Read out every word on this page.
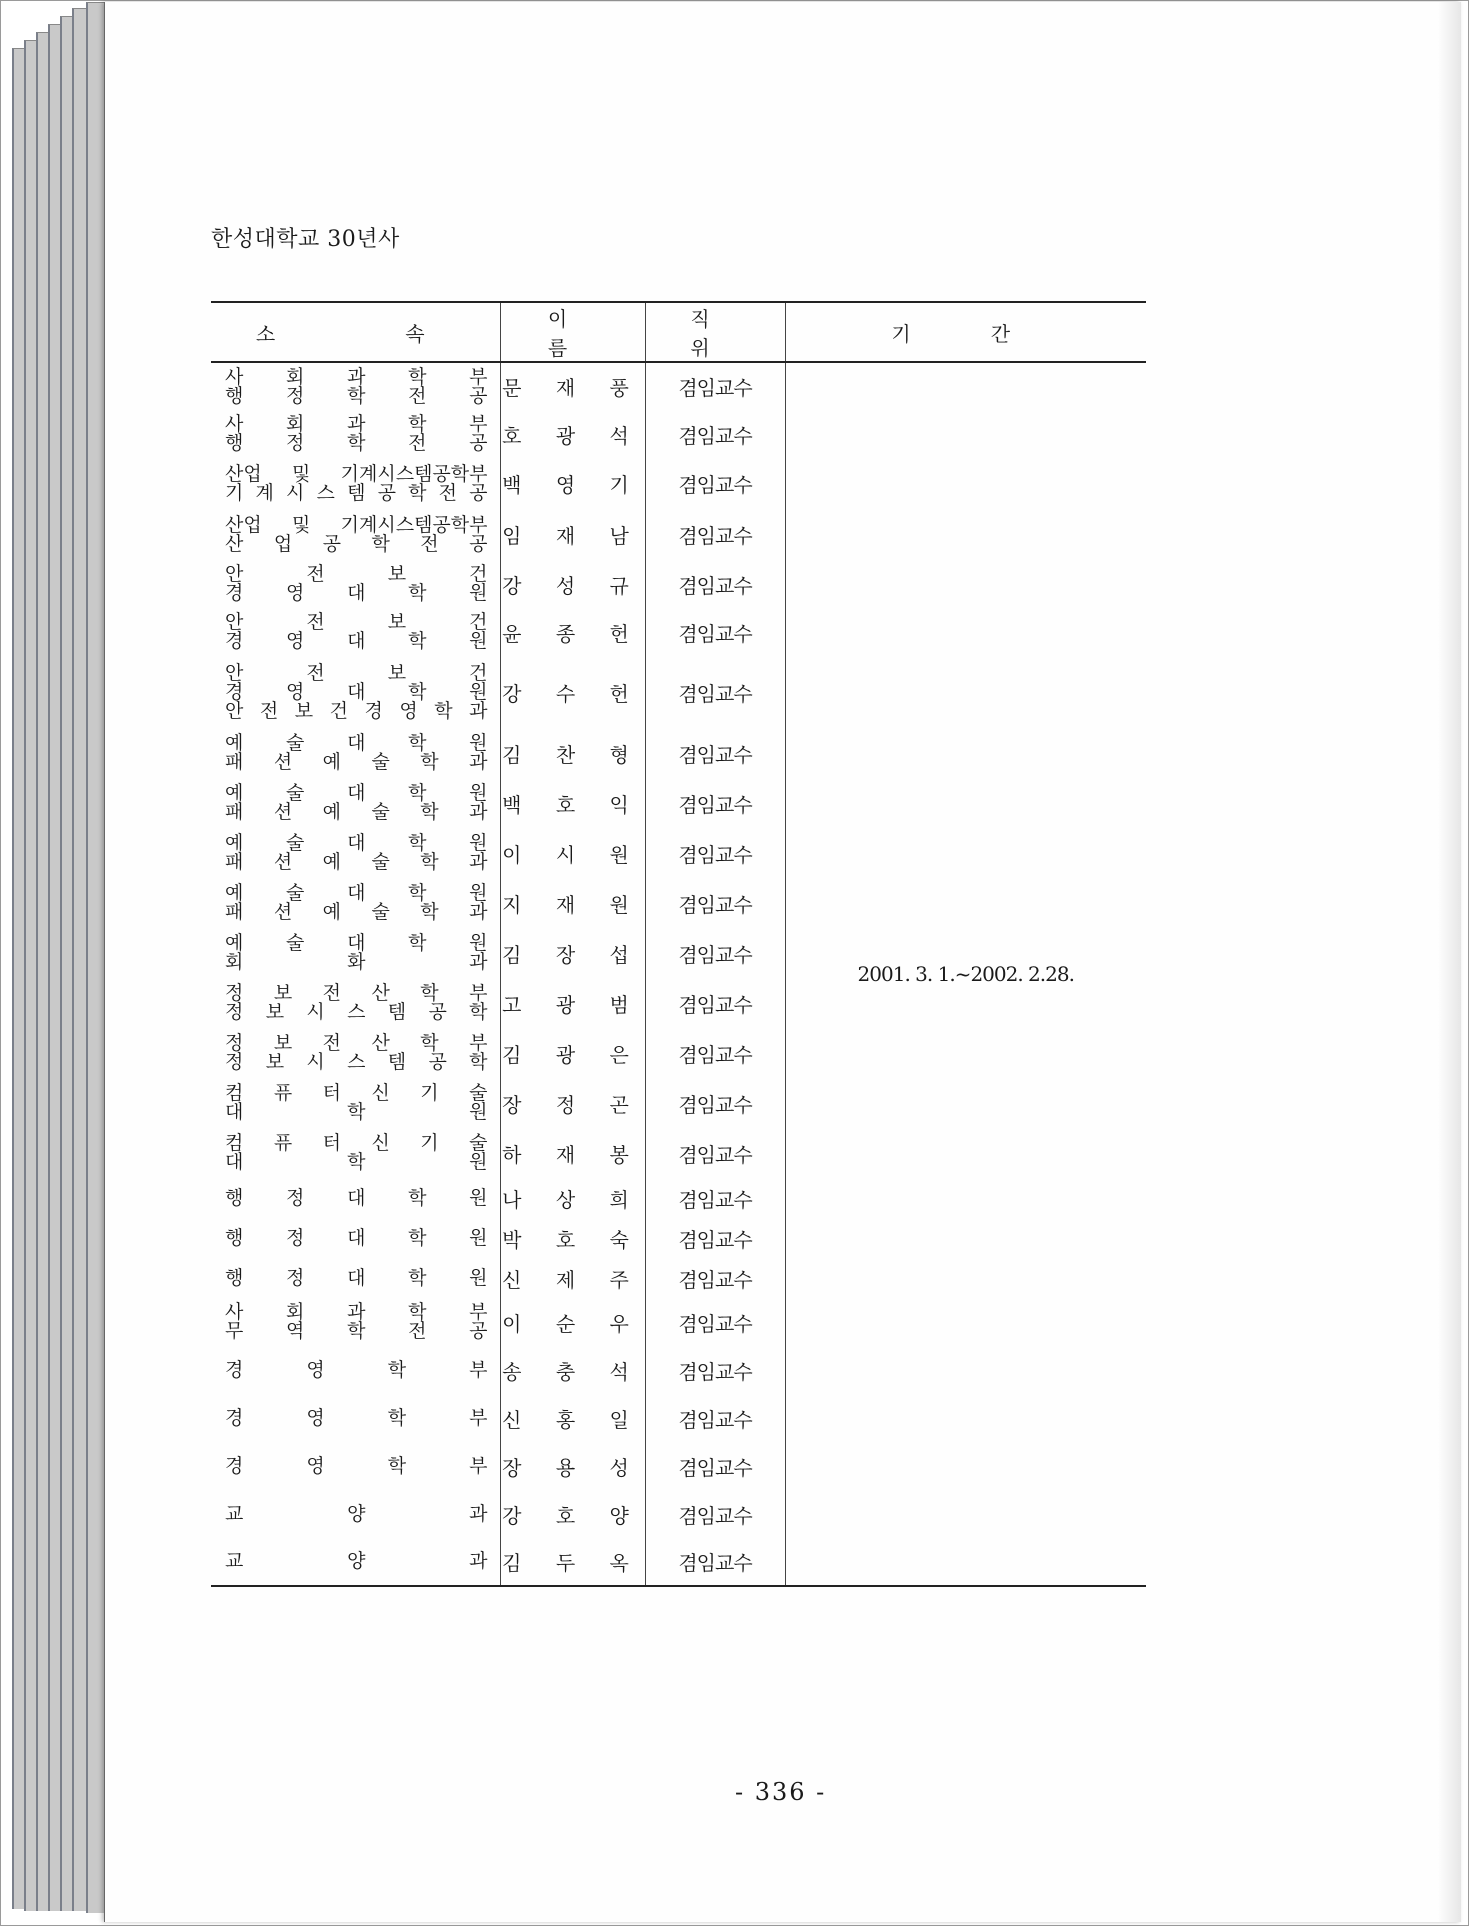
한성대학교 30년사
소　　속	이　름	직　위	기　간

사 회 과 학 부
행 정 학 전 공	문 재 풍	겸임교수	2001. 3. 1.~2002. 2.28.

사 회 과 학 부
행 정 학 전 공	호 광 석	겸임교수	

산업 및 기계시스템공학부
기 계 시 스 템 공 학 전 공	백 영 기	겸임교수	

산업 및 기계시스템공학부
산 업 공 학 전 공	임 재 남	겸임교수	

안 전 보 건
경 영 대 학 원	강 성 규	겸임교수	

안 전 보 건
경 영 대 학 원	윤 종 헌	겸임교수	

안 전 보 건
경 영 대 학 원
안 전 보 건 경 영 학 과	강 수 헌	겸임교수	

예 술 대 학 원
패 션 예 술 학 과	김 찬 형	겸임교수	

예 술 대 학 원
패 션 예 술 학 과	백 호 익	겸임교수	

예 술 대 학 원
패 션 예 술 학 과	이 시 원	겸임교수	

예 술 대 학 원
패 션 예 술 학 과	지 재 원	겸임교수	

예 술 대 학 원
회 화 과	김 장 섭	겸임교수	

정 보 전 산 학 부
정 보 시 스 템 공 학	고 광 범	겸임교수	

정 보 전 산 학 부
정 보 시 스 템 공 학	김 광 은	겸임교수	

컴 퓨 터 신 기 술
대 학 원	장 정 곤	겸임교수	

컴 퓨 터 신 기 술
대 학 원	하 재 봉	겸임교수	

행 정 대 학 원	나 상 희	겸임교수	

행 정 대 학 원	박 호 숙	겸임교수	

행 정 대 학 원	신 제 주	겸임교수	

사 회 과 학 부
무 역 학 전 공	이 순 우	겸임교수	

경 영 학 부	송 충 석	겸임교수	

경 영 학 부	신 홍 일	겸임교수	

경 영 학 부	장 용 성	겸임교수	

교 양 과	강 호 양	겸임교수	

교 양 과	김 두 옥	겸임교수	
- 336 -
